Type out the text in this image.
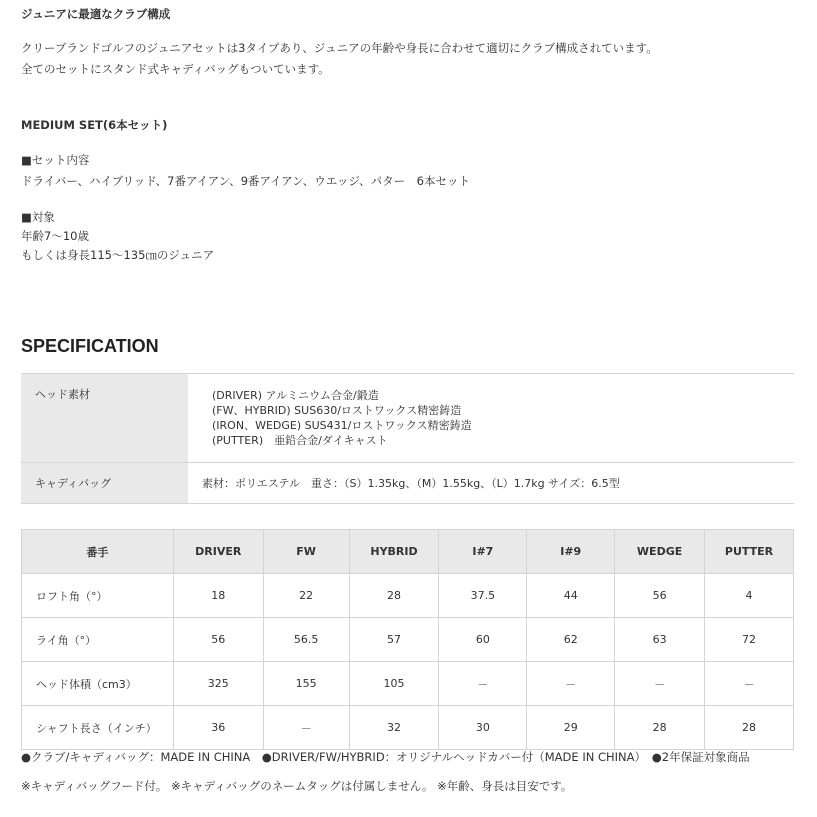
ジュニアに最適なクラブ構成
クリーブランドゴルフのジュニアセットは3タイプあり、ジュニアの年齢や身長に合わせて適切にクラブ構成されています。
全てのセットにスタンド式キャディバッグもついています。
MEDIUM SET(6本セット)
■セット内容
ドライバー、ハイブリッド、7番アイアン、9番アイアン、ウエッジ、パター　6本セット
■対象
年齢7～10歳
もしくは身長115～135㎝のジュニア
SPECIFICATION
ヘッド素材	(DRIVER) アルミニウム合金/鍛造
(FW、HYBRID) SUS630/ロストワックス精密鋳造
(IRON、WEDGE) SUS431/ロストワックス精密鋳造
(PUTTER)　亜鉛合金/ダイキャスト

キャディバッグ	素材：ポリエステル　重さ：（S）1.35kg、（M）1.55kg、（L）1.7kg サイズ：6.5型
番手	DRIVER	FW	HYBRID	I#7	I#9	WEDGE	PUTTER
ロフト角（°）	18	22	28	37.5	44	56	4
ライ角（°）	56	56.5	57	60	62	63	72
ヘッド体積（cm3）	325	155	105	－	－	－	－
シャフト長さ（インチ）	36	－	32	30	29	28	28
●クラブ/キャディバッグ：MADE IN CHINA　●DRIVER/FW/HYBRID：オリジナルヘッドカバー付（MADE IN CHINA）　●2年保証対象商品
※キャディバッグフード付。 ※キャディバッグのネームタッグは付属しません。 ※年齢、身長は目安です。
